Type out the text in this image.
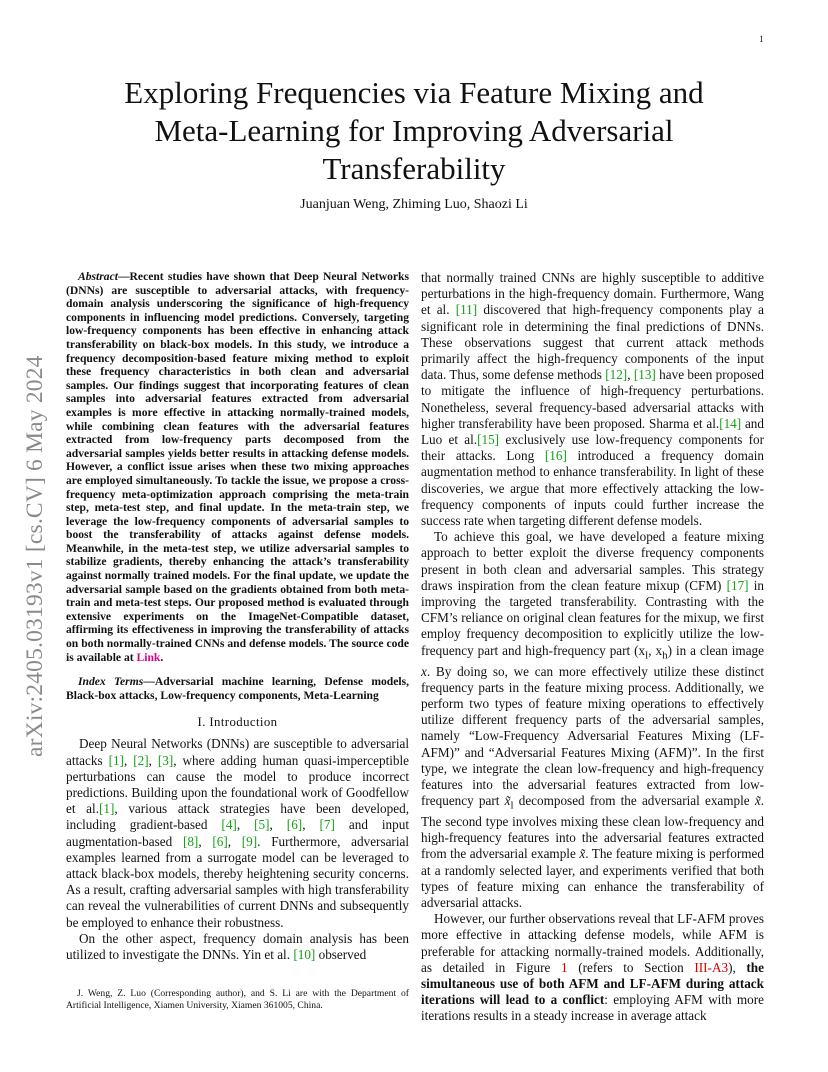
1
arXiv:2405.03193v1 [cs.CV] 6 May 2024
Exploring Frequencies via Feature Mixing and Meta-Learning for Improving Adversarial Transferability
Juanjuan Weng, Zhiming Luo, Shaozi Li

Abstract—Recent studies have shown that Deep Neural Networks (DNNs) are susceptible to adversarial attacks, with frequency-domain analysis underscoring the significance of high-frequency components in influencing model predictions. Conversely, targeting low-frequency components has been effective in enhancing attack transferability on black-box models. In this study, we introduce a frequency decomposition-based feature mixing method to exploit these frequency characteristics in both clean and adversarial samples. Our findings suggest that incorporating features of clean samples into adversarial features extracted from adversarial examples is more effective in attacking normally-trained models, while combining clean features with the adversarial features extracted from low-frequency parts decomposed from the adversarial samples yields better results in attacking defense models. However, a conflict issue arises when these two mixing approaches are employed simultaneously. To tackle the issue, we propose a cross-frequency meta-optimization approach comprising the meta-train step, meta-test step, and final update. In the meta-train step, we leverage the low-frequency components of adversarial samples to boost the transferability of attacks against defense models. Meanwhile, in the meta-test step, we utilize adversarial samples to stabilize gradients, thereby enhancing the attack’s transferability against normally trained models. For the final update, we update the adversarial sample based on the gradients obtained from both meta-train and meta-test steps. Our proposed method is evaluated through extensive experiments on the ImageNet-Compatible dataset, affirming its effectiveness in improving the transferability of attacks on both normally-trained CNNs and defense models. The source code is available at Link.

Index Terms—Adversarial machine learning, Defense models, Black-box attacks, Low-frequency components, Meta-Learning

I. Introduction

Deep Neural Networks (DNNs) are susceptible to adversarial attacks [1], [2], [3], where adding human quasi-imperceptible perturbations can cause the model to produce incorrect predictions. Building upon the foundational work of Goodfellow et al.[1], various attack strategies have been developed, including gradient-based [4], [5], [6], [7] and input augmentation-based [8], [6], [9]. Furthermore, adversarial examples learned from a surrogate model can be leveraged to attack black-box models, thereby heightening security concerns. As a result, crafting adversarial samples with high transferability can reveal the vulnerabilities of current DNNs and subsequently be employed to enhance their robustness.

On the other aspect, frequency domain analysis has been utilized to investigate the DNNs. Yin et al. [10] observed

that normally trained CNNs are highly susceptible to additive perturbations in the high-frequency domain. Furthermore, Wang et al. [11] discovered that high-frequency components play a significant role in determining the final predictions of DNNs. These observations suggest that current attack methods primarily affect the high-frequency components of the input data. Thus, some defense methods [12], [13] have been proposed to mitigate the influence of high-frequency perturbations. Nonetheless, several frequency-based adversarial attacks with higher transferability have been proposed. Sharma et al.[14] and Luo et al.[15] exclusively use low-frequency components for their attacks. Long [16] introduced a frequency domain augmentation method to enhance transferability. In light of these discoveries, we argue that more effectively attacking the low-frequency components of inputs could further increase the success rate when targeting different defense models.

To achieve this goal, we have developed a feature mixing approach to better exploit the diverse frequency components present in both clean and adversarial samples. This strategy draws inspiration from the clean feature mixup (CFM) [17] in improving the targeted transferability. Contrasting with the CFM’s reliance on original clean features for the mixup, we first employ frequency decomposition to explicitly utilize the low-frequency part and high-frequency part ($x_l$, $x_h$) in a clean image x. By doing so, we can more effectively utilize these distinct frequency parts in the feature mixing process. Additionally, we perform two types of feature mixing operations to effectively utilize different frequency parts of the adversarial samples, namely “Low-Frequency Adversarial Features Mixing (LF-AFM)” and “Adversarial Features Mixing (AFM)”. In the first type, we integrate the clean low-frequency and high-frequency features into the adversarial features extracted from low-frequency part $x̃_l$ decomposed from the adversarial example x̃. The second type involves mixing these clean low-frequency and high-frequency features into the adversarial features extracted from the adversarial example x̃. The feature mixing is performed at a randomly selected layer, and experiments verified that both types of feature mixing can enhance the transferability of adversarial attacks.

However, our further observations reveal that LF-AFM proves more effective in attacking defense models, while AFM is preferable for attacking normally-trained models. Additionally, as detailed in Figure 1 (refers to Section III-A3), the simultaneous use of both AFM and LF-AFM during attack iterations will lead to a conflict: employing AFM with more iterations results in a steady increase in average attack

J. Weng, Z. Luo (Corresponding author), and S. Li are with the Department of Artificial Intelligence, Xiamen University, Xiamen 361005, China.
